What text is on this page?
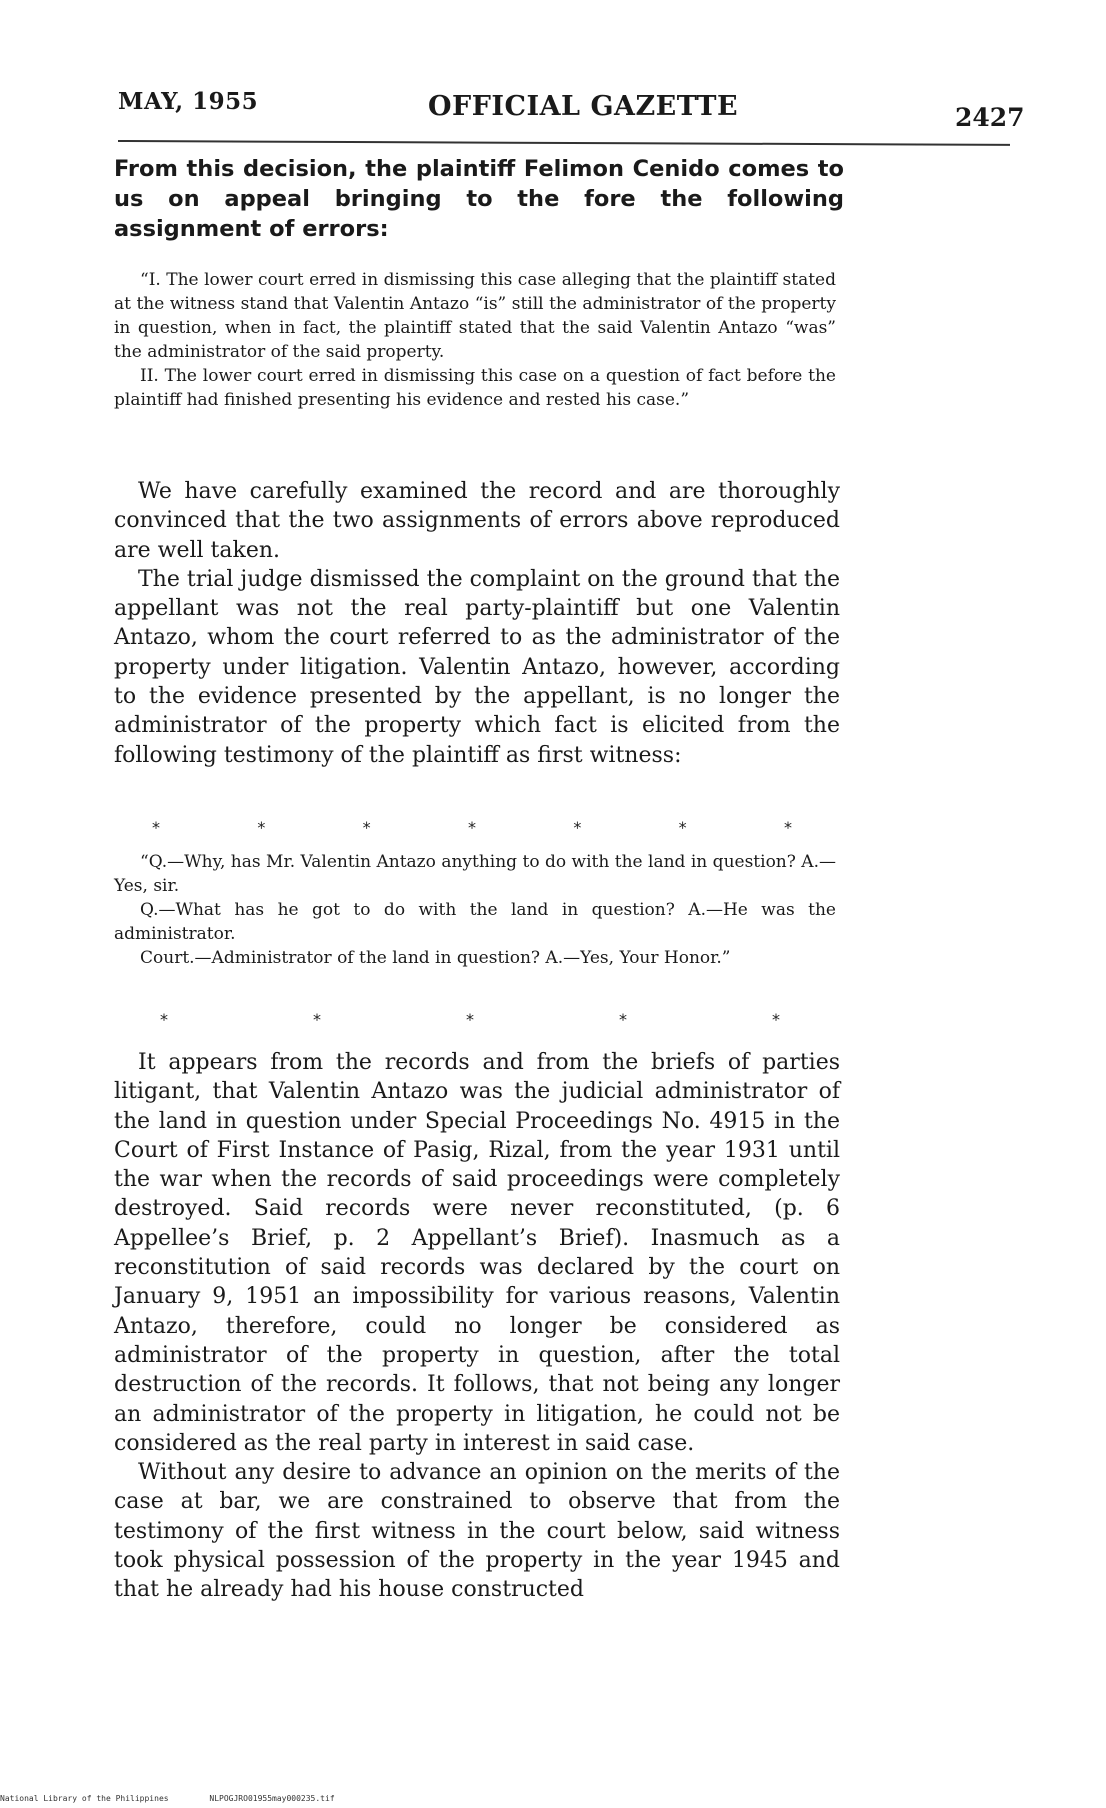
MAY, 1955	OFFICIAL GAZETTE	2427
From this decision, the plaintiff Felimon Cenido comes to us on appeal bringing to the fore the following assignment of errors:

“I. The lower court erred in dismissing this case alleging that the plaintiff stated at the witness stand that Valentin Antazo “is” still the administrator of the property in question, when in fact, the plaintiff stated that the said Valentin Antazo “was” the administrator of the said property.

II. The lower court erred in dismissing this case on a question of fact before the plaintiff had finished presenting his evidence and rested his case.”

We have carefully examined the record and are thoroughly convinced that the two assignments of errors above reproduced are well taken.

The trial judge dismissed the complaint on the ground that the appellant was not the real party-plaintiff but one Valentin Antazo, whom the court referred to as the administrator of the property under litigation. Valentin Antazo, however, according to the evidence presented by the appellant, is no longer the administrator of the property which fact is elicited from the following testimony of the plaintiff as first witness:

*	*	*	*	*	*	*

“Q.—Why, has Mr. Valentin Antazo anything to do with the land in question? A.—Yes, sir.

Q.—What has he got to do with the land in question? A.—He was the administrator.

Court.—Administrator of the land in question? A.—Yes, Your Honor.”

*	*	*	*	*

It appears from the records and from the briefs of parties litigant, that Valentin Antazo was the judicial administrator of the land in question under Special Proceedings No. 4915 in the Court of First Instance of Pasig, Rizal, from the year 1931 until the war when the records of said proceedings were completely destroyed. Said records were never reconstituted, (p. 6 Appellee’s Brief, p. 2 Appellant’s Brief). Inasmuch as a reconstitution of said records was declared by the court on January 9, 1951 an impossibility for various reasons, Valentin Antazo, therefore, could no longer be considered as administrator of the property in question, after the total destruction of the records. It follows, that not being any longer an administrator of the property in litigation, he could not be considered as the real party in interest in said case.

Without any desire to advance an opinion on the merits of the case at bar, we are constrained to observe that from the testimony of the first witness in the court below, said witness took physical possession of the property in the year 1945 and that he already had his house constructed

National Library of the Philippines	NLPOGJRO01955may000235.tif
